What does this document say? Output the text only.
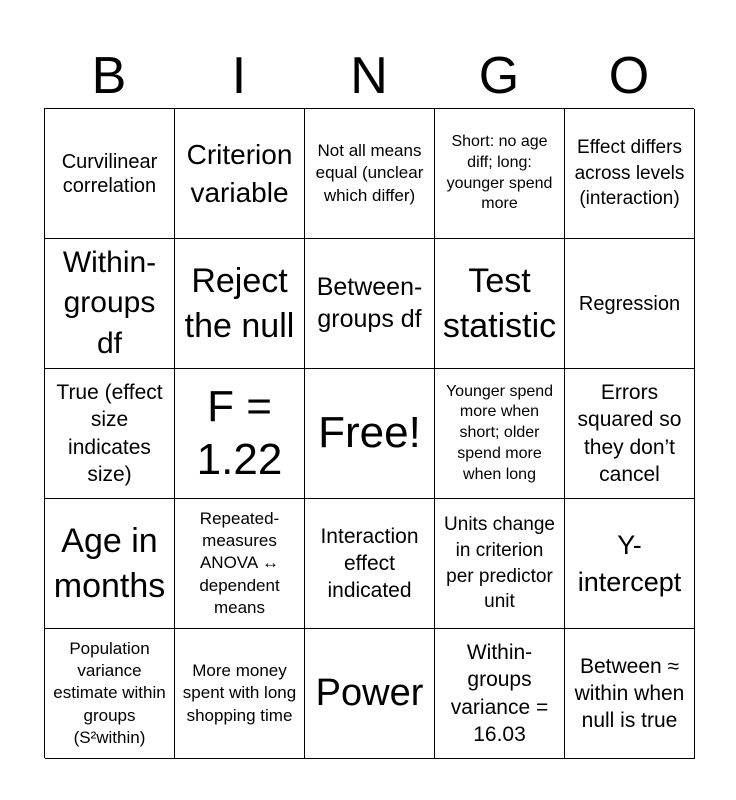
B	I	N	G	O
Curvilinear correlation
Criterion variable
Not all means equal (unclear which differ)
Short: no age diff; long: younger spend more
Effect differs across levels (interaction)
Within-groups df
Reject the null
Between-groups df
Test statistic
Regression
True (effect size indicates size)
F = 1.22
Free!
Younger spend more when short; older spend more when long
Errors squared so they don’t cancel
Age in months
Repeated-measures ANOVA ↔ dependent means
Interaction effect indicated
Units change in criterion per predictor unit
Y-intercept
Population variance estimate within groups (S²within)
More money spent with long shopping time
Power
Within-groups variance = 16.03
Between ≈ within when null is true
